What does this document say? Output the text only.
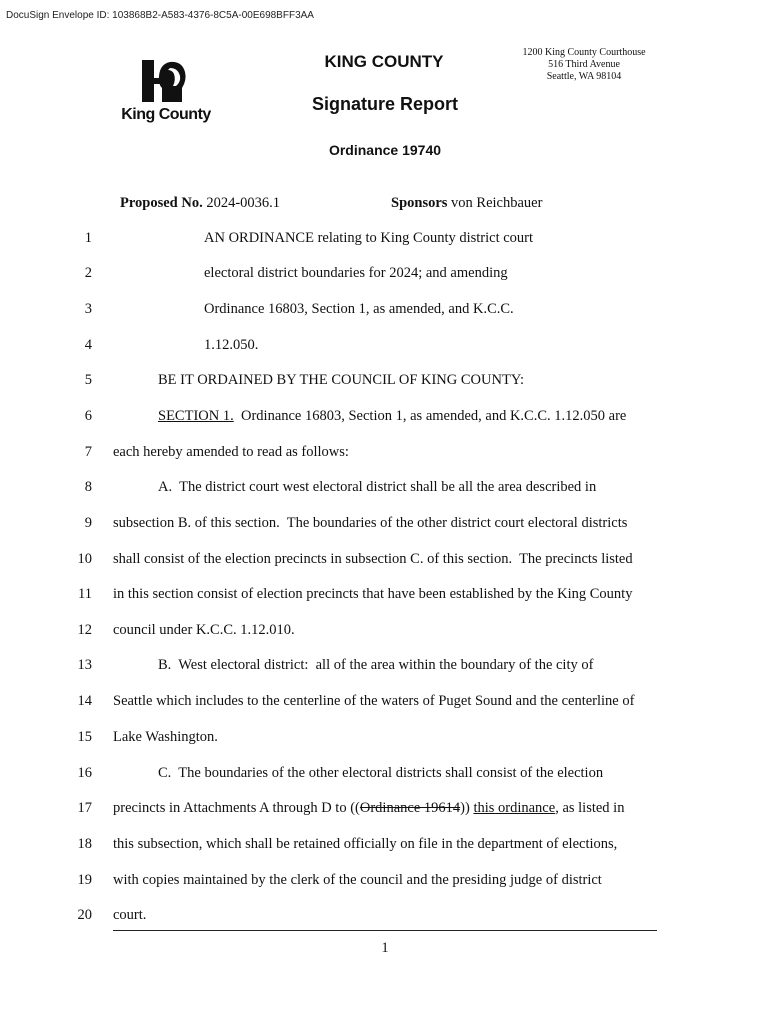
DocuSign Envelope ID: 103868B2-A583-4376-8C5A-00E698BFF3AA
King County
KING COUNTY
Signature Report
Ordinance 19740
1200 King County Courthouse
516 Third Avenue
Seattle, WA 98104
Proposed No. 2024-0036.1	Sponsors von Reichbauer
1	AN ORDINANCE relating to King County district court
2	electoral district boundaries for 2024; and amending
3	Ordinance 16803, Section 1, as amended, and K.C.C.
4	1.12.050.
5	BE IT ORDAINED BY THE COUNCIL OF KING COUNTY:
6	SECTION 1.  Ordinance 16803, Section 1, as amended, and K.C.C. 1.12.050 are
7 each hereby amended to read as follows:
8	A.  The district court west electoral district shall be all the area described in
9 subsection B. of this section.  The boundaries of the other district court electoral districts
10 shall consist of the election precincts in subsection C. of this section.  The precincts listed
11 in this section consist of election precincts that have been established by the King County
12 council under K.C.C. 1.12.010.
13	B.  West electoral district:  all of the area within the boundary of the city of
14 Seattle which includes to the centerline of the waters of Puget Sound and the centerline of
15 Lake Washington.
16	C.  The boundaries of the other electoral districts shall consist of the election
17 precincts in Attachments A through D to ((Ordinance 19614)) this ordinance, as listed in
18 this subsection, which shall be retained officially on file in the department of elections,
19 with copies maintained by the clerk of the council and the presiding judge of district
20 court.
1
